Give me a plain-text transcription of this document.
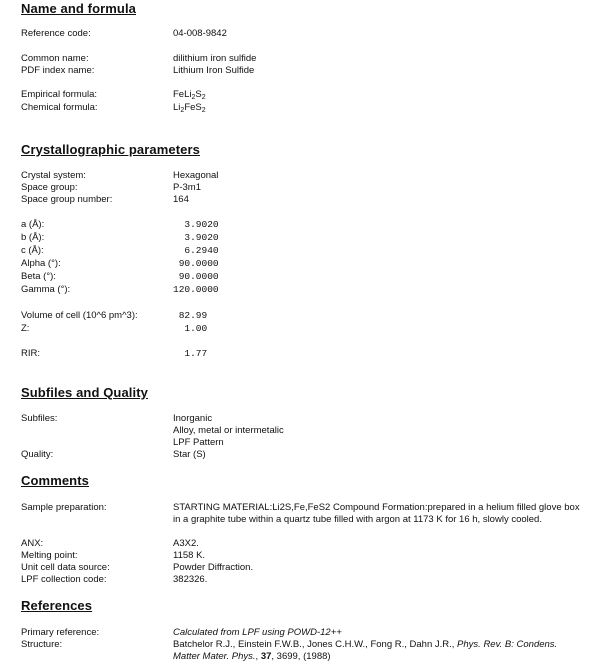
Name and formula
Reference code:	04-008-9842
Common name:	dilithium iron sulfide
PDF index name:	Lithium Iron Sulfide
Empirical formula:	$FeLi_2S_2$
Chemical formula:	$Li_2FeS_2$
Crystallographic parameters
Crystal system:	Hexagonal
Space group:	P-3m1
Space group number:	164
a (Å):	3.9020
b (Å):	3.9020
c (Å):	6.2940
Alpha (°):	90.0000
Beta (°):	90.0000
Gamma (°):	120.0000
Volume of cell (10^6 pm^3):	82.99
Z:	1.00
RIR:	1.77
Subfiles and Quality
Subfiles:	Inorganic
Alloy, metal or intermetalic
LPF Pattern
Quality:	Star (S)
Comments
Sample preparation:	STARTING MATERIAL:Li2S,Fe,FeS2 Compound Formation:prepared in a helium filled glove box in a graphite tube within a quartz tube filled with argon at 1173 K for 16 h, slowly cooled.
ANX:	A3X2.
Melting point:	1158 K.
Unit cell data source:	Powder Diffraction.
LPF collection code:	382326.
References
Primary reference:	Calculated from LPF using POWD-12++
Structure:	Batchelor R.J., Einstein F.W.B., Jones C.H.W., Fong R., Dahn J.R., Phys. Rev. B: Condens. Matter Mater. Phys., 37, 3699, (1988)
